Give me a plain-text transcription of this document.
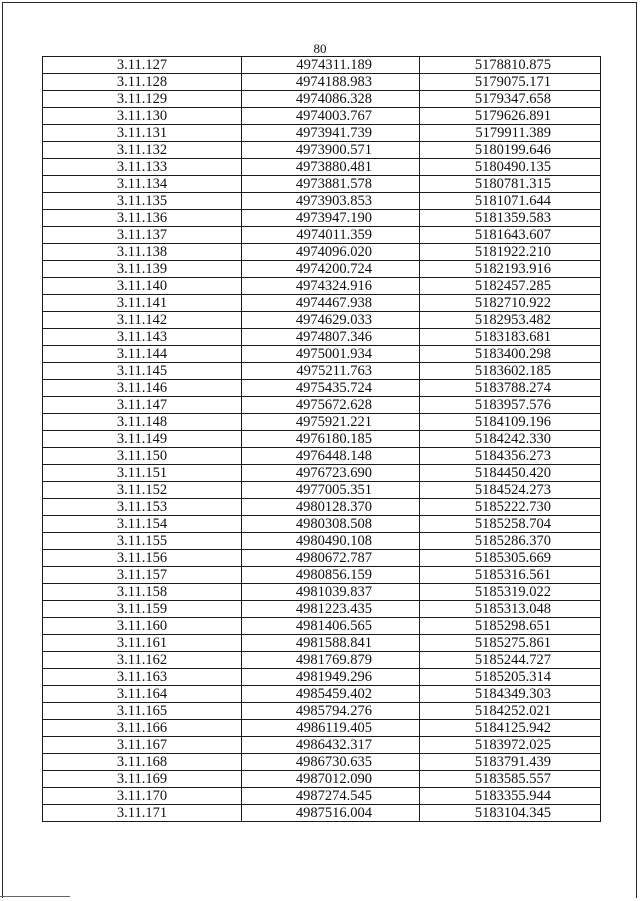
80
3.11.127	4974311.189	5178810.875
3.11.128	4974188.983	5179075.171
3.11.129	4974086.328	5179347.658
3.11.130	4974003.767	5179626.891
3.11.131	4973941.739	5179911.389
3.11.132	4973900.571	5180199.646
3.11.133	4973880.481	5180490.135
3.11.134	4973881.578	5180781.315
3.11.135	4973903.853	5181071.644
3.11.136	4973947.190	5181359.583
3.11.137	4974011.359	5181643.607
3.11.138	4974096.020	5181922.210
3.11.139	4974200.724	5182193.916
3.11.140	4974324.916	5182457.285
3.11.141	4974467.938	5182710.922
3.11.142	4974629.033	5182953.482
3.11.143	4974807.346	5183183.681
3.11.144	4975001.934	5183400.298
3.11.145	4975211.763	5183602.185
3.11.146	4975435.724	5183788.274
3.11.147	4975672.628	5183957.576
3.11.148	4975921.221	5184109.196
3.11.149	4976180.185	5184242.330
3.11.150	4976448.148	5184356.273
3.11.151	4976723.690	5184450.420
3.11.152	4977005.351	5184524.273
3.11.153	4980128.370	5185222.730
3.11.154	4980308.508	5185258.704
3.11.155	4980490.108	5185286.370
3.11.156	4980672.787	5185305.669
3.11.157	4980856.159	5185316.561
3.11.158	4981039.837	5185319.022
3.11.159	4981223.435	5185313.048
3.11.160	4981406.565	5185298.651
3.11.161	4981588.841	5185275.861
3.11.162	4981769.879	5185244.727
3.11.163	4981949.296	5185205.314
3.11.164	4985459.402	5184349.303
3.11.165	4985794.276	5184252.021
3.11.166	4986119.405	5184125.942
3.11.167	4986432.317	5183972.025
3.11.168	4986730.635	5183791.439
3.11.169	4987012.090	5183585.557
3.11.170	4987274.545	5183355.944
3.11.171	4987516.004	5183104.345
